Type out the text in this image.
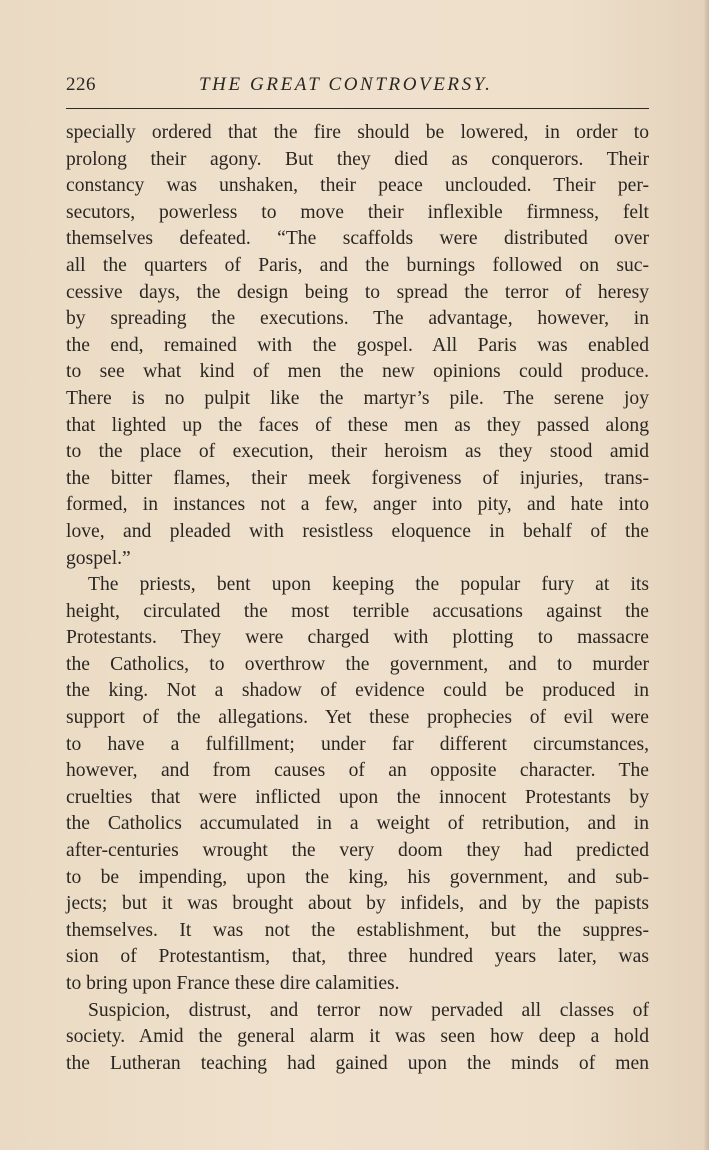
226	THE GREAT CONTROVERSY.
specially ordered that the fire should be lowered, in order to
prolong their agony. But they died as conquerors. Their
constancy was unshaken, their peace unclouded. Their per-
secutors, powerless to move their inflexible firmness, felt
themselves defeated. “The scaffolds were distributed over
all the quarters of Paris, and the burnings followed on suc-
cessive days, the design being to spread the terror of heresy
by spreading the executions. The advantage, however, in
the end, remained with the gospel. All Paris was enabled
to see what kind of men the new opinions could produce.
There is no pulpit like the martyr’s pile. The serene joy
that lighted up the faces of these men as they passed along
to the place of execution, their heroism as they stood amid
the bitter flames, their meek forgiveness of injuries, trans-
formed, in instances not a few, anger into pity, and hate into
love, and pleaded with resistless eloquence in behalf of the
gospel.”
The priests, bent upon keeping the popular fury at its
height, circulated the most terrible accusations against the
Protestants. They were charged with plotting to massacre
the Catholics, to overthrow the government, and to murder
the king. Not a shadow of evidence could be produced in
support of the allegations. Yet these prophecies of evil were
to have a fulfillment; under far different circumstances,
however, and from causes of an opposite character. The
cruelties that were inflicted upon the innocent Protestants by
the Catholics accumulated in a weight of retribution, and in
after-centuries wrought the very doom they had predicted
to be impending, upon the king, his government, and sub-
jects; but it was brought about by infidels, and by the papists
themselves. It was not the establishment, but the suppres-
sion of Protestantism, that, three hundred years later, was
to bring upon France these dire calamities.
Suspicion, distrust, and terror now pervaded all classes of
society. Amid the general alarm it was seen how deep a hold
the Lutheran teaching had gained upon the minds of men
